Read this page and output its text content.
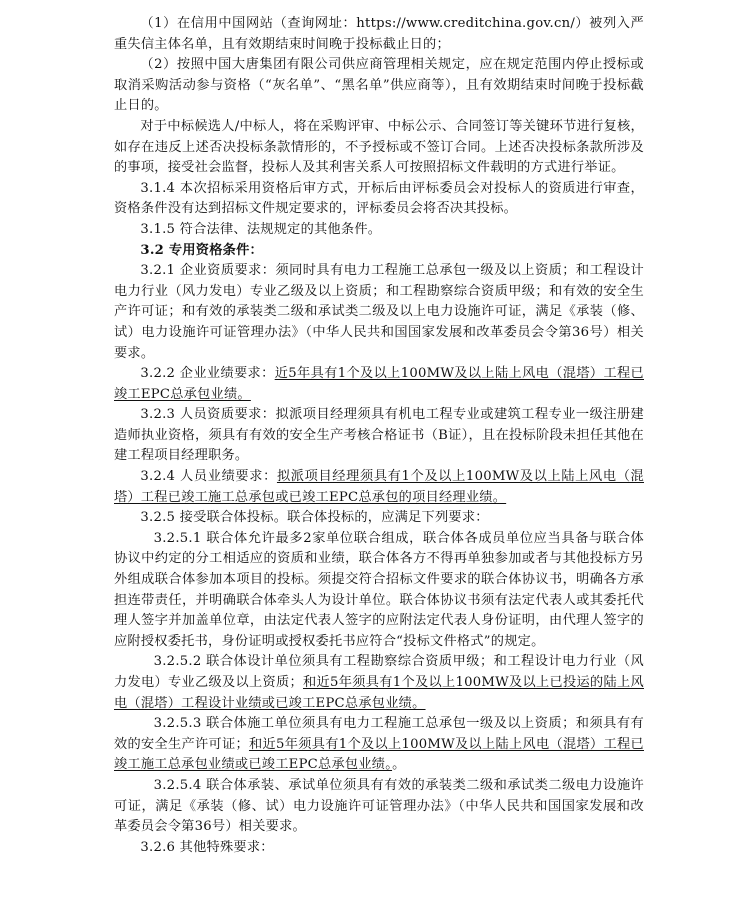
（1）在信用中国网站（查询网址：https://www.creditchina.gov.cn/）被列入严重失信主体名单，且有效期结束时间晚于投标截止日的；

（2）按照中国大唐集团有限公司供应商管理相关规定，应在规定范围内停止授标或取消采购活动参与资格（“灰名单”、“黑名单”供应商等），且有效期结束时间晚于投标截止日的。

对于中标候选人/中标人，将在采购评审、中标公示、合同签订等关键环节进行复核，如存在违反上述否决投标条款情形的，不予授标或不签订合同。上述否决投标条款所涉及的事项，接受社会监督，投标人及其利害关系人可按照招标文件载明的方式进行举证。

3.1.4 本次招标采用资格后审方式，开标后由评标委员会对投标人的资质进行审查，资格条件没有达到招标文件规定要求的，评标委员会将否决其投标。

3.1.5 符合法律、法规规定的其他条件。

3.2 专用资格条件：

3.2.1 企业资质要求：须同时具有电力工程施工总承包一级及以上资质；和工程设计电力行业（风力发电）专业乙级及以上资质；和工程勘察综合资质甲级；和有效的安全生产许可证；和有效的承装类二级和承试类二级及以上电力设施许可证，满足《承装（修、试）电力设施许可证管理办法》（中华人民共和国国家发展和改革委员会令第36号）相关要求。

3.2.2 企业业绩要求：近5年具有1个及以上100MW及以上陆上风电（混塔）工程已竣工EPC总承包业绩。

3.2.3 人员资质要求：拟派项目经理须具有机电工程专业或建筑工程专业一级注册建造师执业资格，须具有有效的安全生产考核合格证书（B证），且在投标阶段未担任其他在建工程项目经理职务。

3.2.4 人员业绩要求：拟派项目经理须具有1个及以上100MW及以上陆上风电（混塔）工程已竣工施工总承包或已竣工EPC总承包的项目经理业绩。

3.2.5 接受联合体投标。联合体投标的，应满足下列要求：

3.2.5.1 联合体允许最多2家单位联合组成，联合体各成员单位应当具备与联合体协议中约定的分工相适应的资质和业绩，联合体各方不得再单独参加或者与其他投标方另外组成联合体参加本项目的投标。须提交符合招标文件要求的联合体协议书，明确各方承担连带责任，并明确联合体牵头人为设计单位。联合体协议书须有法定代表人或其委托代理人签字并加盖单位章，由法定代表人签字的应附法定代表人身份证明，由代理人签字的应附授权委托书，身份证明或授权委托书应符合“投标文件格式”的规定。

3.2.5.2 联合体设计单位须具有工程勘察综合资质甲级；和工程设计电力行业（风力发电）专业乙级及以上资质；和近5年须具有1个及以上100MW及以上已投运的陆上风电（混塔）工程设计业绩或已竣工EPC总承包业绩。

3.2.5.3 联合体施工单位须具有电力工程施工总承包一级及以上资质；和须具有有效的安全生产许可证；和近5年须具有1个及以上100MW及以上陆上风电（混塔）工程已竣工施工总承包业绩或已竣工EPC总承包业绩。。

3.2.5.4 联合体承装、承试单位须具有有效的承装类二级和承试类二级电力设施许可证，满足《承装（修、试）电力设施许可证管理办法》（中华人民共和国国家发展和改革委员会令第36号）相关要求。

3.2.6 其他特殊要求：
